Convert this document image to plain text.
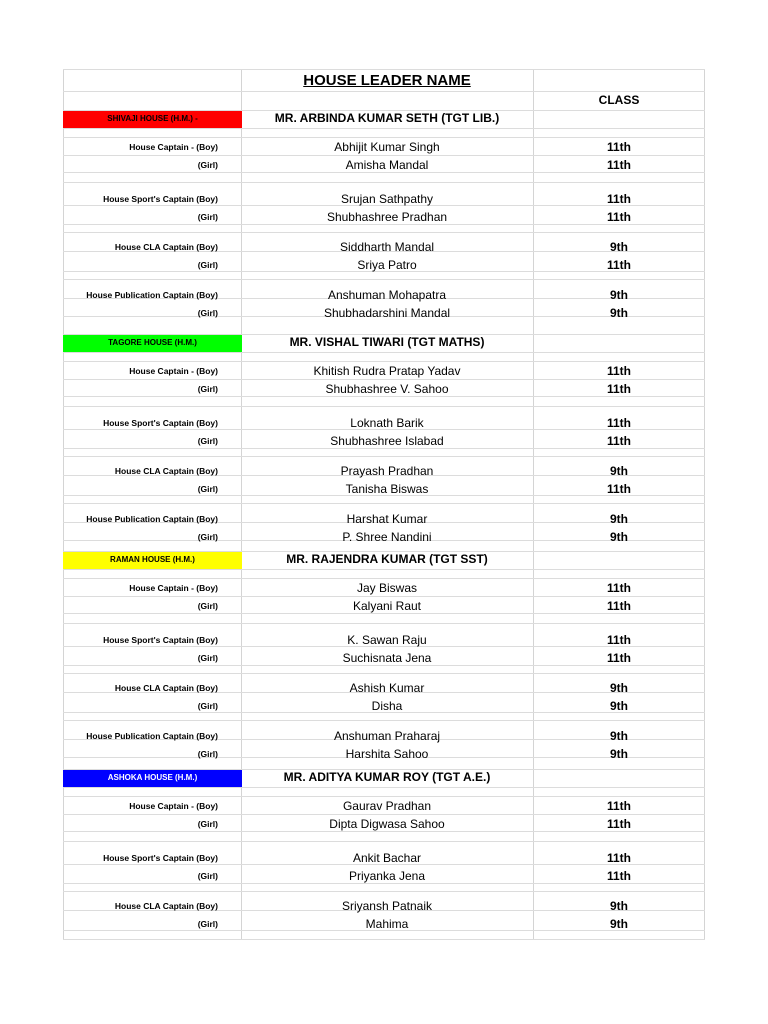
HOUSE LEADER NAME
CLASS
SHIVAJI HOUSE (H.M.) -	MR. ARBINDA KUMAR SETH (TGT LIB.)
House Captain - (Boy)	Abhijit Kumar Singh	11th
(Girl)	Amisha Mandal	11th
House Sport's Captain (Boy)	Srujan Sathpathy	11th
(Girl)	Shubhashree Pradhan	11th
House CLA Captain (Boy)	Siddharth Mandal	9th
(Girl)	Sriya Patro	11th
House Publication Captain (Boy)	Anshuman Mohapatra	9th
(Girl)	Shubhadarshini Mandal	9th
TAGORE HOUSE (H.M.)	MR. VISHAL TIWARI (TGT MATHS)
House Captain - (Boy)	Khitish Rudra Pratap Yadav	11th
(Girl)	Shubhashree V. Sahoo	11th
House Sport's Captain (Boy)	Loknath Barik	11th
(Girl)	Shubhashree Islabad	11th
House CLA Captain (Boy)	Prayash Pradhan	9th
(Girl)	Tanisha Biswas	11th
House Publication Captain (Boy)	Harshat Kumar	9th
(Girl)	P. Shree Nandini	9th
RAMAN HOUSE (H.M.)	MR. RAJENDRA KUMAR (TGT SST)
House Captain - (Boy)	Jay Biswas	11th
(Girl)	Kalyani Raut	11th
House Sport's Captain (Boy)	K. Sawan Raju	11th
(Girl)	Suchisnata Jena	11th
House CLA Captain (Boy)	Ashish Kumar	9th
(Girl)	Disha	9th
House Publication Captain (Boy)	Anshuman Praharaj	9th
(Girl)	Harshita Sahoo	9th
ASHOKA HOUSE (H.M.)	MR. ADITYA KUMAR ROY (TGT A.E.)
House Captain - (Boy)	Gaurav Pradhan	11th
(Girl)	Dipta Digwasa Sahoo	11th
House Sport's Captain (Boy)	Ankit Bachar	11th
(Girl)	Priyanka Jena	11th
House CLA Captain (Boy)	Sriyansh Patnaik	9th
(Girl)	Mahima	9th
